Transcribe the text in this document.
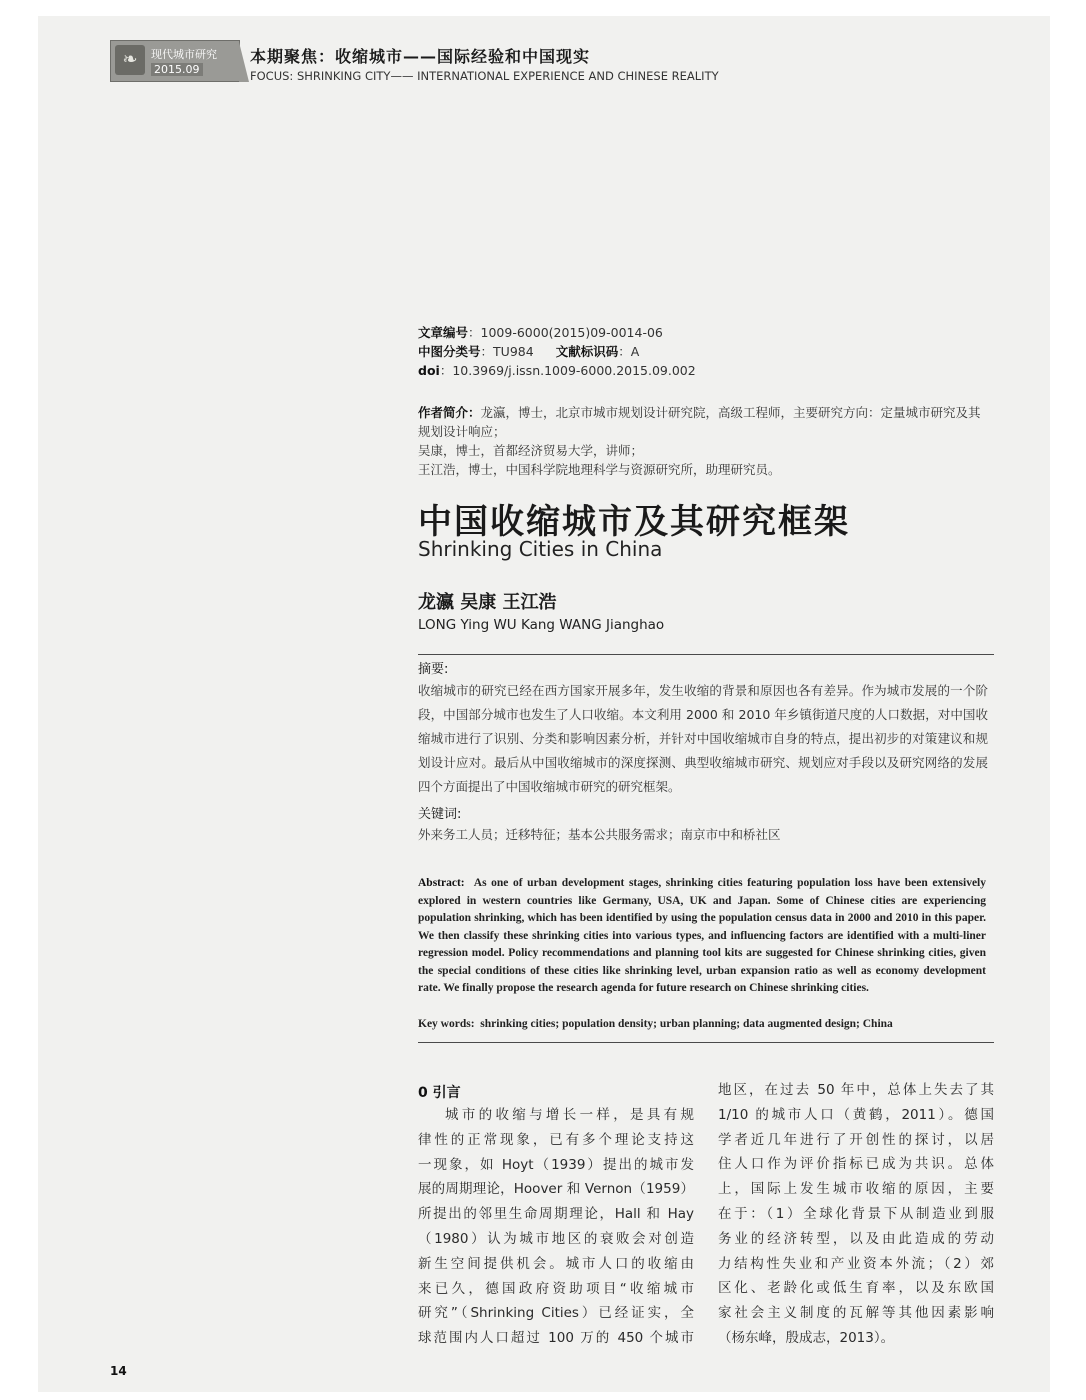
❧	现代城市研究
2015.09
本期聚焦：收缩城市——国际经验和中国现实
FOCUS: SHRINKING CITY—— INTERNATIONAL EXPERIENCE AND CHINESE REALITY
文章编号：1009-6000(2015)09-0014-06
中图分类号：TU984 文献标识码：A
doi：10.3969/j.issn.1009-6000.2015.09.002
作者简介：龙瀛，博士，北京市城市规划设计研究院，高级工程师，主要研究方向：定量城市研究及其规划设计响应；
吴康，博士，首都经济贸易大学，讲师；
王江浩，博士，中国科学院地理科学与资源研究所，助理研究员。
中国收缩城市及其研究框架
Shrinking Cities in China
龙瀛 吴康 王江浩
LONG Ying WU Kang WANG Jianghao
摘要:
收缩城市的研究已经在西方国家开展多年，发生收缩的背景和原因也各有差异。作为城市发展的一个阶段，中国部分城市也发生了人口收缩。本文利用 2000 和 2010 年乡镇街道尺度的人口数据，对中国收缩城市进行了识别、分类和影响因素分析，并针对中国收缩城市自身的特点，提出初步的对策建议和规划设计应对。最后从中国收缩城市的深度探测、典型收缩城市研究、规划应对手段以及研究网络的发展四个方面提出了中国收缩城市研究的研究框架。
关键词:
外来务工人员；迁移特征；基本公共服务需求；南京市中和桥社区
Abstract: As one of urban development stages, shrinking cities featuring population loss have been extensively explored in western countries like Germany, USA, UK and Japan. Some of Chinese cities are experiencing population shrinking, which has been identified by using the population census data in 2000 and 2010 in this paper. We then classify these shrinking cities into various types, and influencing factors are identified with a multi-liner regression model. Policy recommendations and planning tool kits are suggested for Chinese shrinking cities, given the special conditions of these cities like shrinking level, urban expansion ratio as well as economy development rate. We finally propose the research agenda for future research on Chinese shrinking cities.
Key words: shrinking cities; population density; urban planning; data augmented design; China
0 引言
城市的收缩与增长一样，是具有规
律性的正常现象，已有多个理论支持这
一现象，如 Hoyt（1939）提出的城市发
展的周期理论，Hoover 和 Vernon（1959）
所提出的邻里生命周期理论，Hall 和 Hay
（1980）认为城市地区的衰败会对创造
新生空间提供机会。城市人口的收缩由
来已久，德国政府资助项目“收缩城市
研究”（Shrinking Cities）已经证实，全
球范围内人口超过 100 万的 450 个城市
地区，在过去 50 年中，总体上失去了其
1/10 的城市人口（黄鹤，2011）。德国
学者近几年进行了开创性的探讨，以居
住人口作为评价指标已成为共识。总体
上，国际上发生城市收缩的原因，主要
在于：（1）全球化背景下从制造业到服
务业的经济转型，以及由此造成的劳动
力结构性失业和产业资本外流；（2）郊
区化、老龄化或低生育率，以及东欧国
家社会主义制度的瓦解等其他因素影响
（杨东峰，殷成志，2013）。
14
